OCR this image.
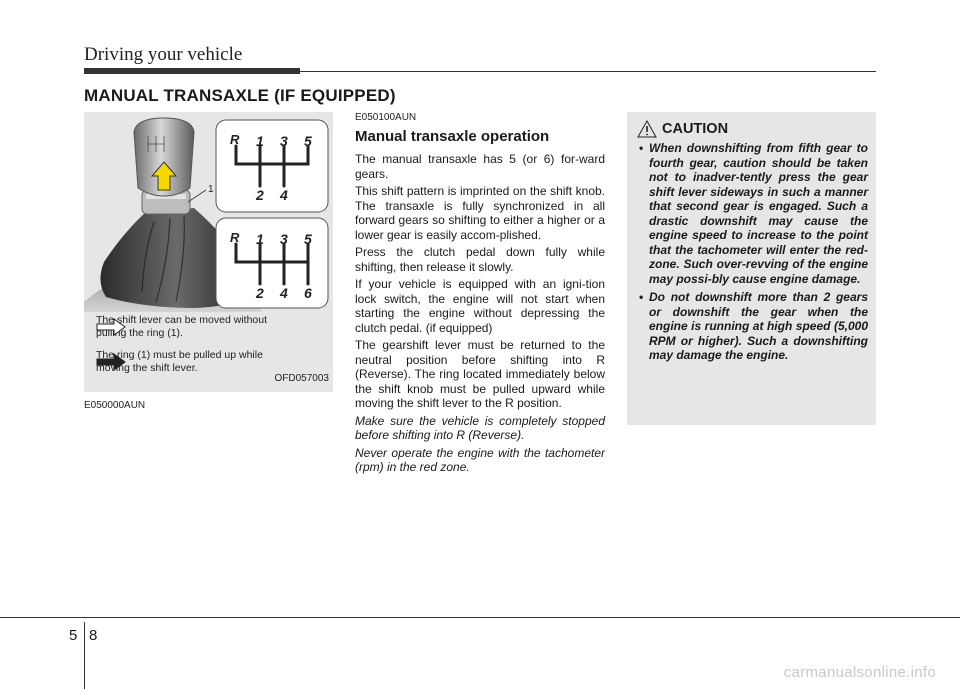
Driving your vehicle
MANUAL TRANSAXLE (IF EQUIPPED)
1
R 1 3 5
2 4
R 1 3 5
2 4 6
The shift lever can be moved without pulling the ring (1).
The ring (1) must be pulled up while moving the shift lever.
OFD057003
E050000AUN
E050100AUN
Manual transaxle operation

The manual transaxle has 5 (or 6) for-ward gears.

This shift pattern is imprinted on the shift knob. The transaxle is fully synchronized in all forward gears so shifting to either a higher or a lower gear is easily accom-plished.

Press the clutch pedal down fully while shifting, then release it slowly.

If your vehicle is equipped with an igni-tion lock switch, the engine will not start when starting the engine without depressing the clutch pedal. (if equipped)

The gearshift lever must be returned to the neutral position before shifting into R (Reverse). The ring located immediately below the shift knob must be pulled upward while moving the shift lever to the R position.

Make sure the vehicle is completely stopped before shifting into R (Reverse).

Never operate the engine with the tachometer (rpm) in the red zone.

CAUTION
• When downshifting from fifth gear to fourth gear, caution should be taken not to inadver-tently press the gear shift lever sideways in such a manner that second gear is engaged. Such a drastic downshift may cause the engine speed to increase to the point that the tachometer will enter the red-zone. Such over-revving of the engine may possi-bly cause engine damage.
• Do not downshift more than 2 gears or downshift the gear when the engine is running at high speed (5,000 RPM or higher). Such a downshifting may damage the engine.
5 8
carmanualsonline.info
